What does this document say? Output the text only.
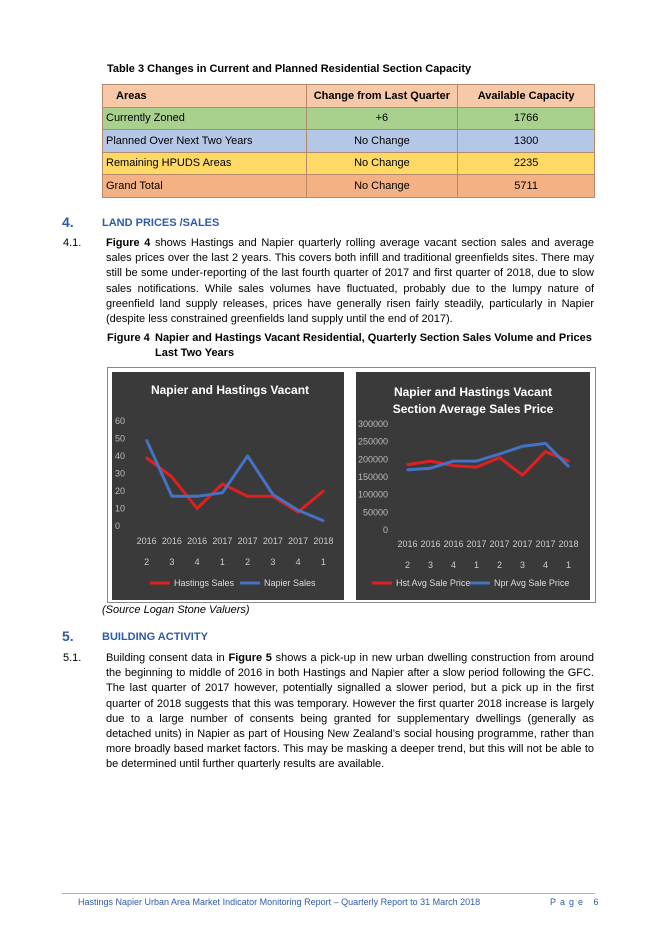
Table 3 Changes in Current and Planned Residential Section Capacity
Areas	Change from Last Quarter	Available Capacity
Currently Zoned	+6	1766
Planned Over Next Two Years	No Change	1300
Remaining HPUDS Areas	No Change	2235
Grand Total	No Change	5711
4.	LAND PRICES /SALES
4.1. Figure 4 shows Hastings and Napier quarterly rolling average vacant section sales and average sales prices over the last 2 years. This covers both infill and traditional greenfields sites. There may still be some under-reporting of the last fourth quarter of 2017 and first quarter of 2018, due to slow sales notifications. While sales volumes have fluctuated, probably due to the lumpy nature of greenfield land supply releases, prices have generally risen fairly steadily, particularly in Napier (despite less constrained greenfields land supply until the end of 2017).
Figure 4 Napier and Hastings Vacant Residential, Quarterly Section Sales Volume and Prices Last Two Years
Napier and Hastings Vacant
0
10
20
30
40
50
60
2016
2
2016
3
2016
4
2017
1
2017
2
2017
3
2017
4
2018
1
Hastings Sales	Napier Sales
Napier and Hastings Vacant Section Average Sales Price
0
50000
100000
150000
200000
250000
300000
2016
2
2016
3
2016
4
2017
1
2017
2
2017
3
2017
4
2018
1
Hst Avg Sale Price	Npr Avg Sale Price
(Source Logan Stone Valuers)
5.	BUILDING ACTIVITY
5.1. Building consent data in Figure 5 shows a pick-up in new urban dwelling construction from around the beginning to middle of 2016 in both Hastings and Napier after a slow period following the GFC. The last quarter of 2017 however, potentially signalled a slower period, but a pick up in the first quarter of 2018 suggests that this was temporary. However the first quarter 2018 increase is largely due to a large number of consents being granted for supplementary dwellings (generally as detached units) in Napier as part of Housing New Zealand’s social housing programme, rather than more broadly based market factors. This may be masking a deeper trend, but this will not be able to be determined until further quarterly results are available.
Hastings Napier Urban Area Market Indicator Monitoring Report – Quarterly Report to 31 March 2018	Page 6
